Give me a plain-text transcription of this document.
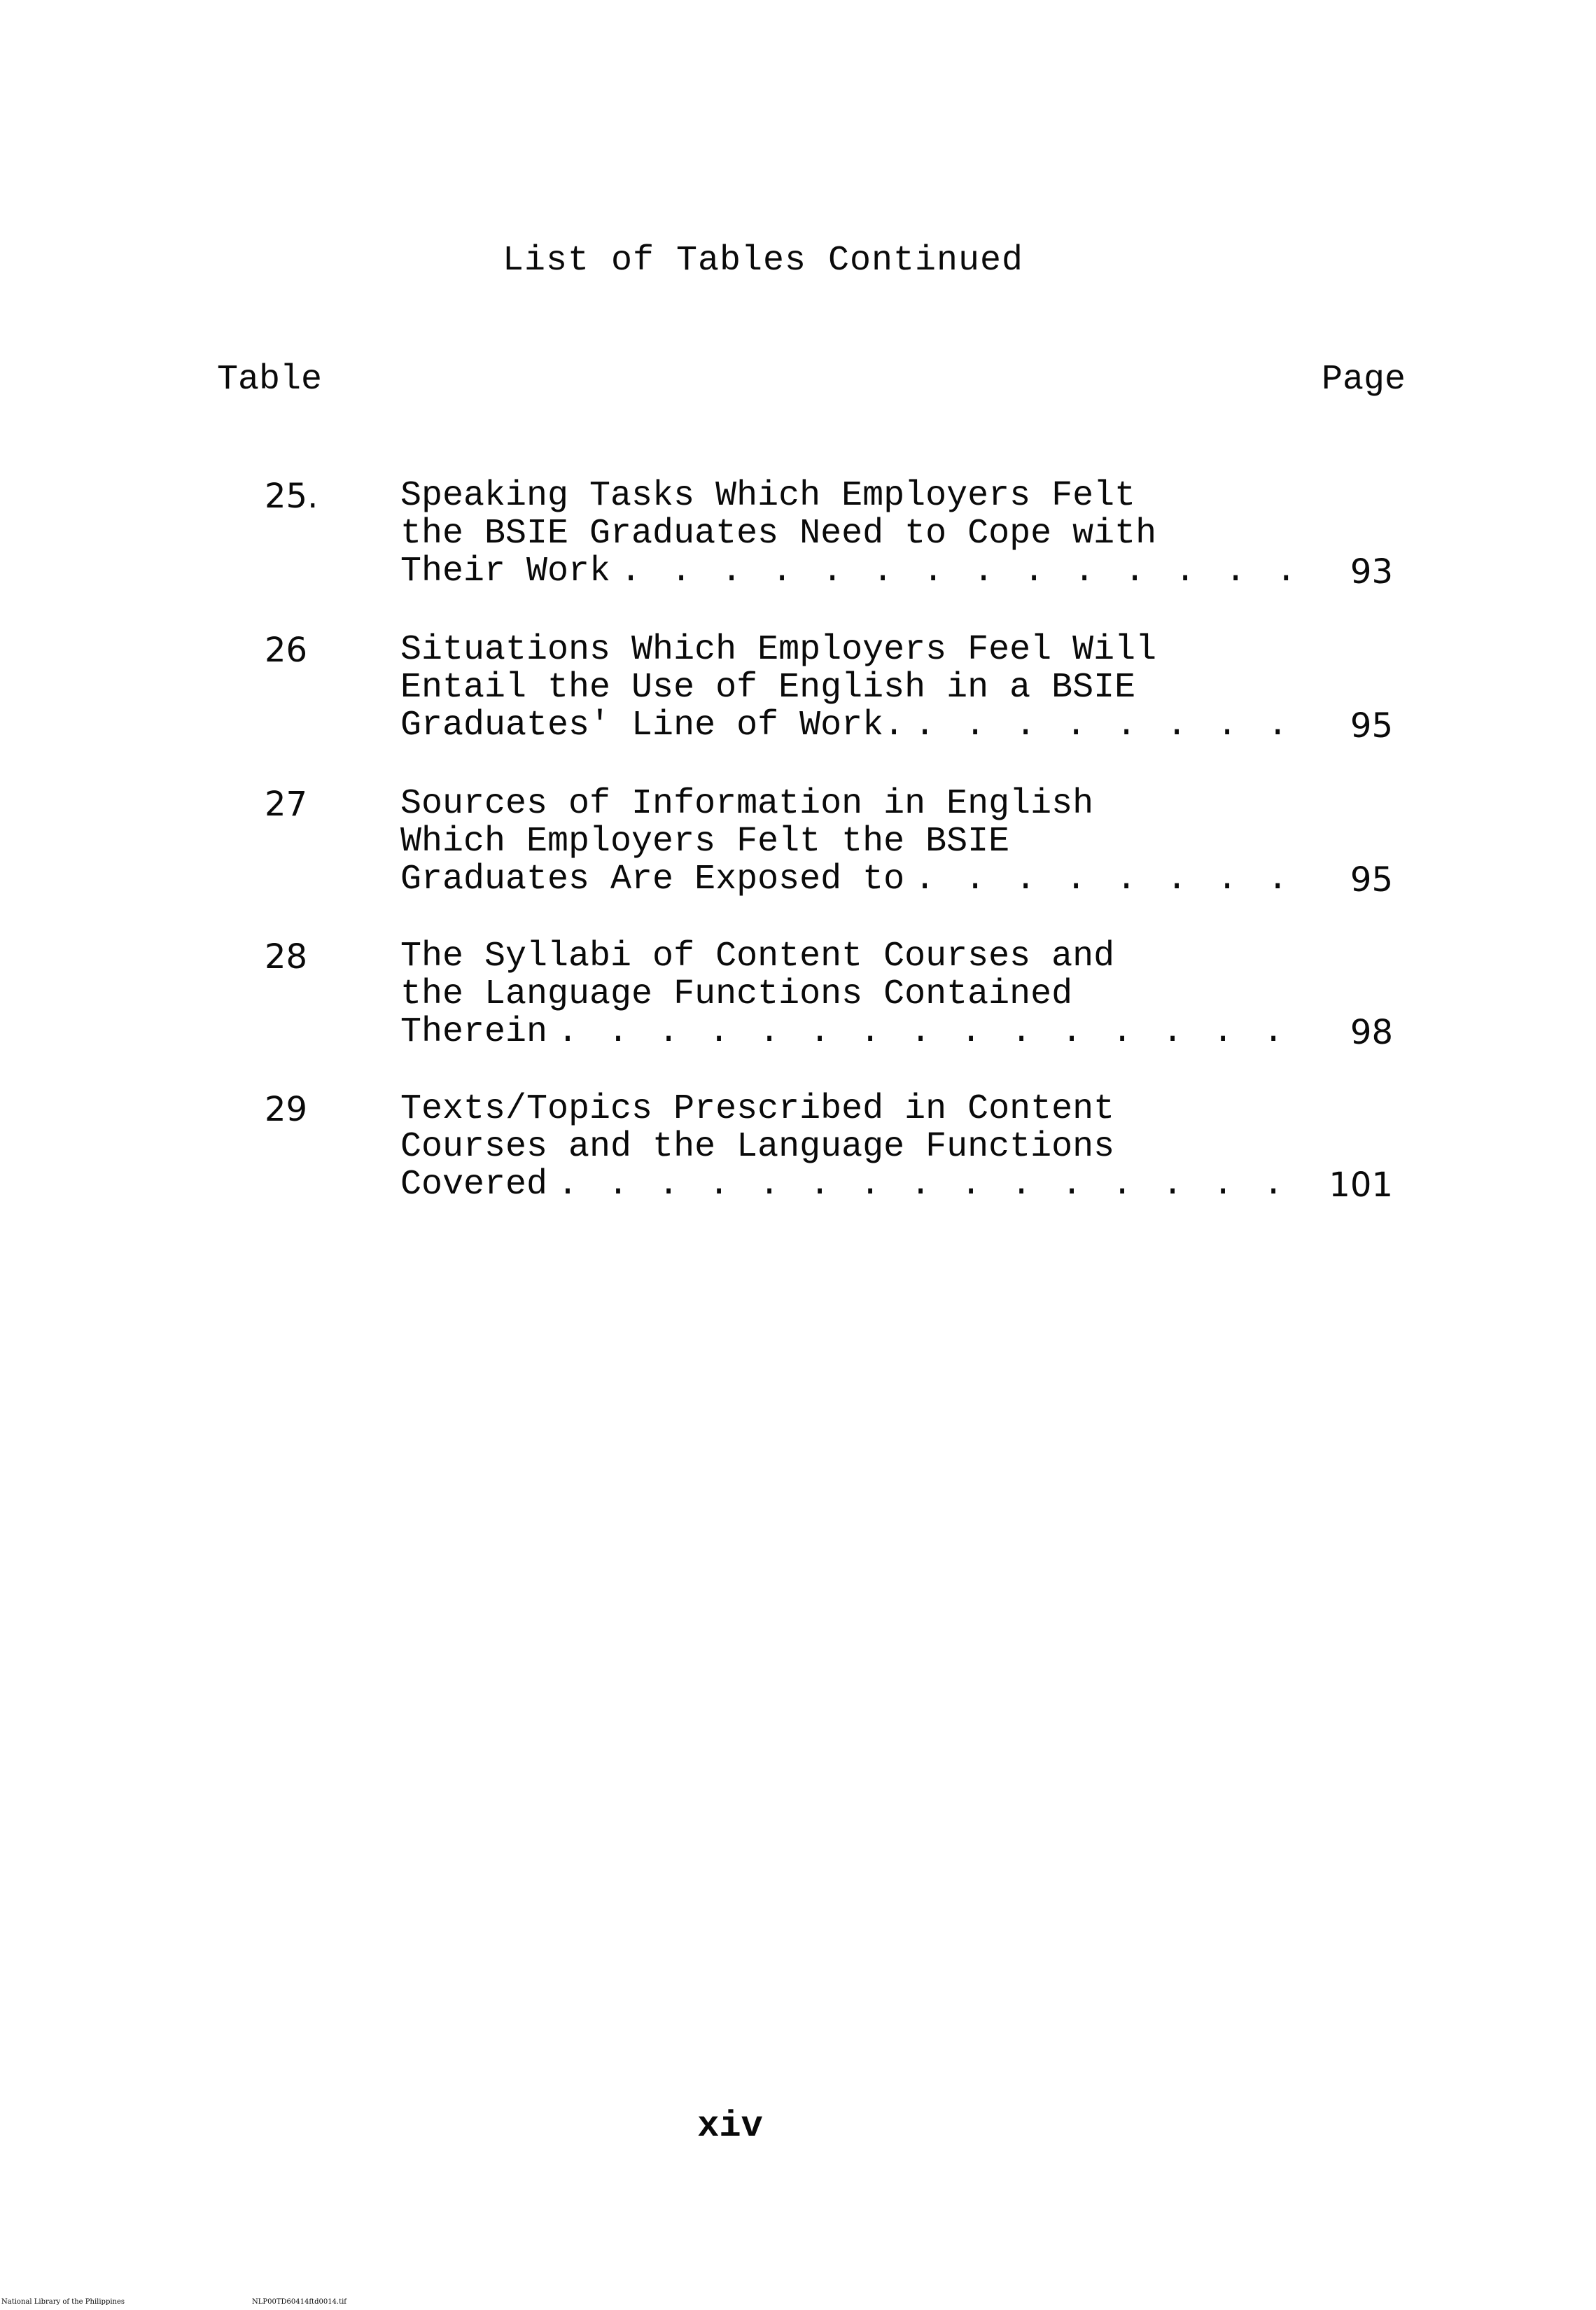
List of Tables Continued
Table	Page
25. Speaking Tasks Which Employers Felt
the BSIE Graduates Need to Cope with
Their Work . . .	93
26	Situations Which Employers Feel Will
Entail the Use of English in a BSIE
Graduates' Line of Work. . . .	95
27	Sources of Information in English
Which Employers Felt the BSIE
Graduates Are Exposed to . . .	95
28	The Syllabi of Content Courses and
the Language Functions Contained
Therein . . .	98
29	Texts/Topics Prescribed in Content
Courses and the Language Functions
Covered . . .	101
xiv
National Library of the Philippines	NLP00TD60414ftd0014.tif
